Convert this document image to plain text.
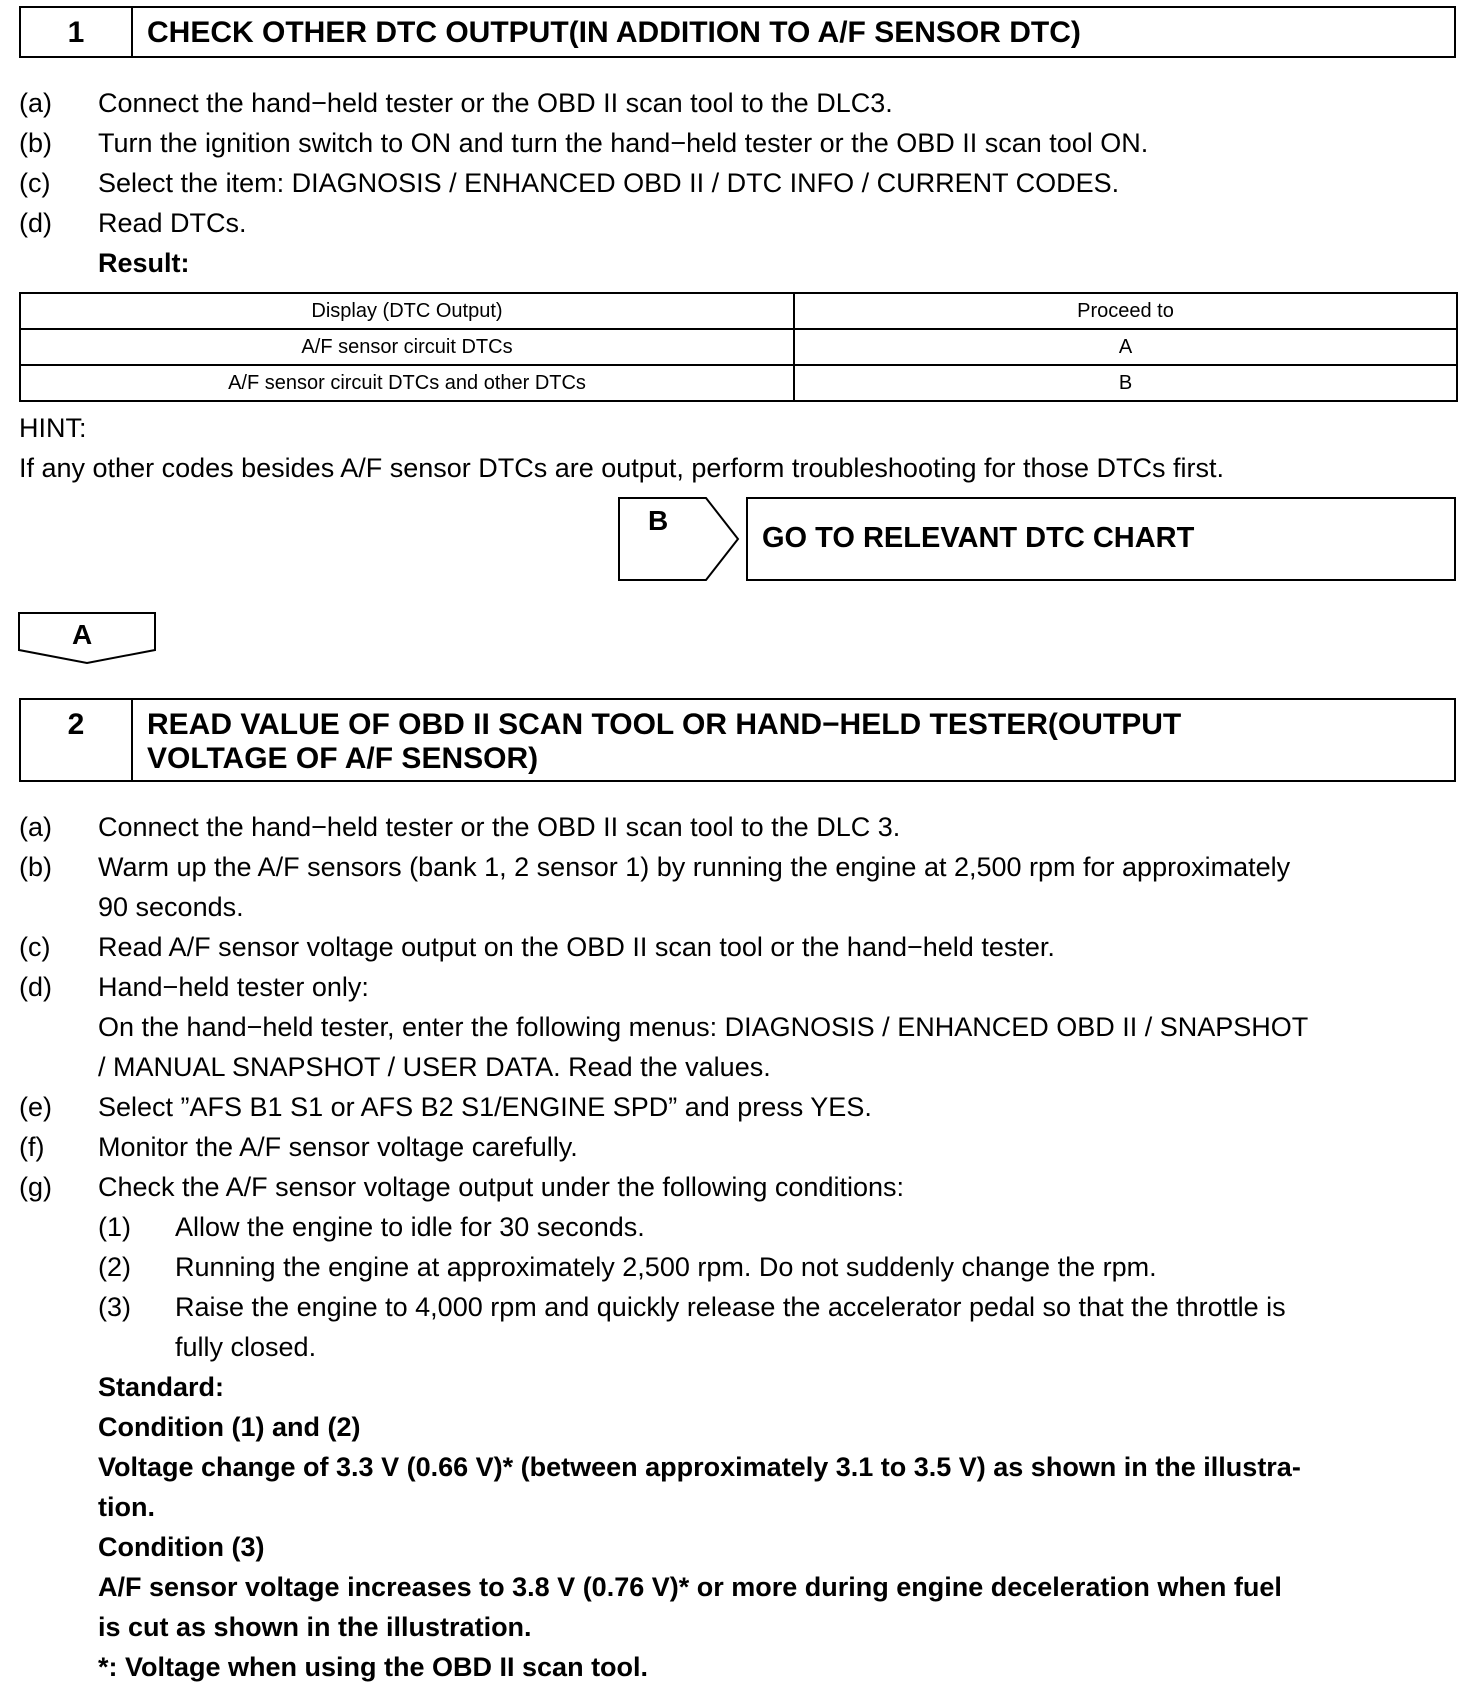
1	CHECK OTHER DTC OUTPUT(IN ADDITION TO A/F SENSOR DTC)
(a) Connect the hand−held tester or the OBD II scan tool to the DLC3.
(b) Turn the ignition switch to ON and turn the hand−held tester or the OBD II scan tool ON.
(c) Select the item: DIAGNOSIS / ENHANCED OBD II / DTC INFO / CURRENT CODES.
(d) Read DTCs.
Result:
Display (DTC Output)	Proceed to
A/F sensor circuit DTCs	A
A/F sensor circuit DTCs and other DTCs	B
HINT:
If any other codes besides A/F sensor DTCs are output, perform troubleshooting for those DTCs first.
B
GO TO RELEVANT DTC CHART
A
2	READ VALUE OF OBD II SCAN TOOL OR HAND−HELD TESTER(OUTPUT
VOLTAGE OF A/F SENSOR)
(a) Connect the hand−held tester or the OBD II scan tool to the DLC 3.
(b) Warm up the A/F sensors (bank 1, 2 sensor 1) by running the engine at 2,500 rpm for approximately
90 seconds.
(c) Read A/F sensor voltage output on the OBD II scan tool or the hand−held tester.
(d) Hand−held tester only:
On the hand−held tester, enter the following menus: DIAGNOSIS / ENHANCED OBD II / SNAPSHOT
/ MANUAL SNAPSHOT / USER DATA. Read the values.
(e) Select ”AFS B1 S1 or AFS B2 S1/ENGINE SPD” and press YES.
(f) Monitor the A/F sensor voltage carefully.
(g) Check the A/F sensor voltage output under the following conditions:
(1) Allow the engine to idle for 30 seconds.
(2) Running the engine at approximately 2,500 rpm. Do not suddenly change the rpm.
(3) Raise the engine to 4,000 rpm and quickly release the accelerator pedal so that the throttle is
fully closed.
Standard:
Condition (1) and (2)
Voltage change of 3.3 V (0.66 V)* (between approximately 3.1 to 3.5 V) as shown in the illustra-
tion.
Condition (3)
A/F sensor voltage increases to 3.8 V (0.76 V)* or more during engine deceleration when fuel
is cut as shown in the illustration.
*: Voltage when using the OBD II scan tool.
